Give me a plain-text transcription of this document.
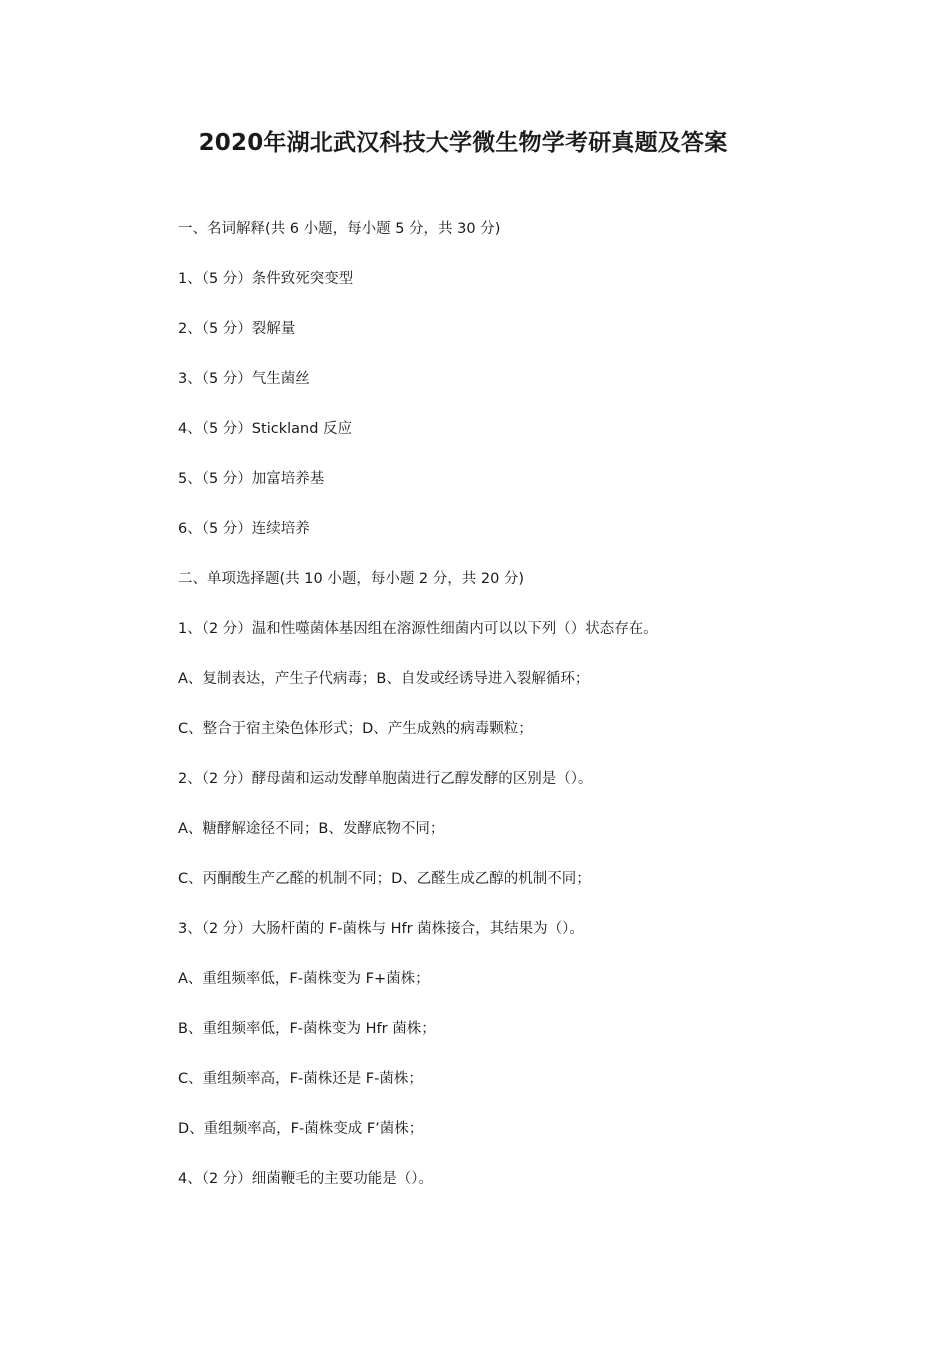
2020年湖北武汉科技大学微生物学考研真题及答案
一、名词解释(共 6 小题，每小题 5 分，共 30 分)
1、（5 分）条件致死突变型
2、（5 分）裂解量
3、（5 分）气生菌丝
4、（5 分）Stickland 反应
5、（5 分）加富培养基
6、（5 分）连续培养
二、单项选择题(共 10 小题，每小题 2 分，共 20 分)
1、（2 分）温和性噬菌体基因组在溶源性细菌内可以以下列（）状态存在。
A、复制表达，产生子代病毒；B、自发或经诱导进入裂解循环；
C、整合于宿主染色体形式；D、产生成熟的病毒颗粒；
2、（2 分）酵母菌和运动发酵单胞菌进行乙醇发酵的区别是（）。
A、糖酵解途径不同；B、发酵底物不同；
C、丙酮酸生产乙醛的机制不同；D、乙醛生成乙醇的机制不同；
3、（2 分）大肠杆菌的 F-菌株与 Hfr 菌株接合，其结果为（）。
A、重组频率低，F-菌株变为 F+菌株；
B、重组频率低，F-菌株变为 Hfr 菌株；
C、重组频率高，F-菌株还是 F-菌株；
D、重组频率高，F-菌株变成 F’菌株；
4、（2 分）细菌鞭毛的主要功能是（）。
